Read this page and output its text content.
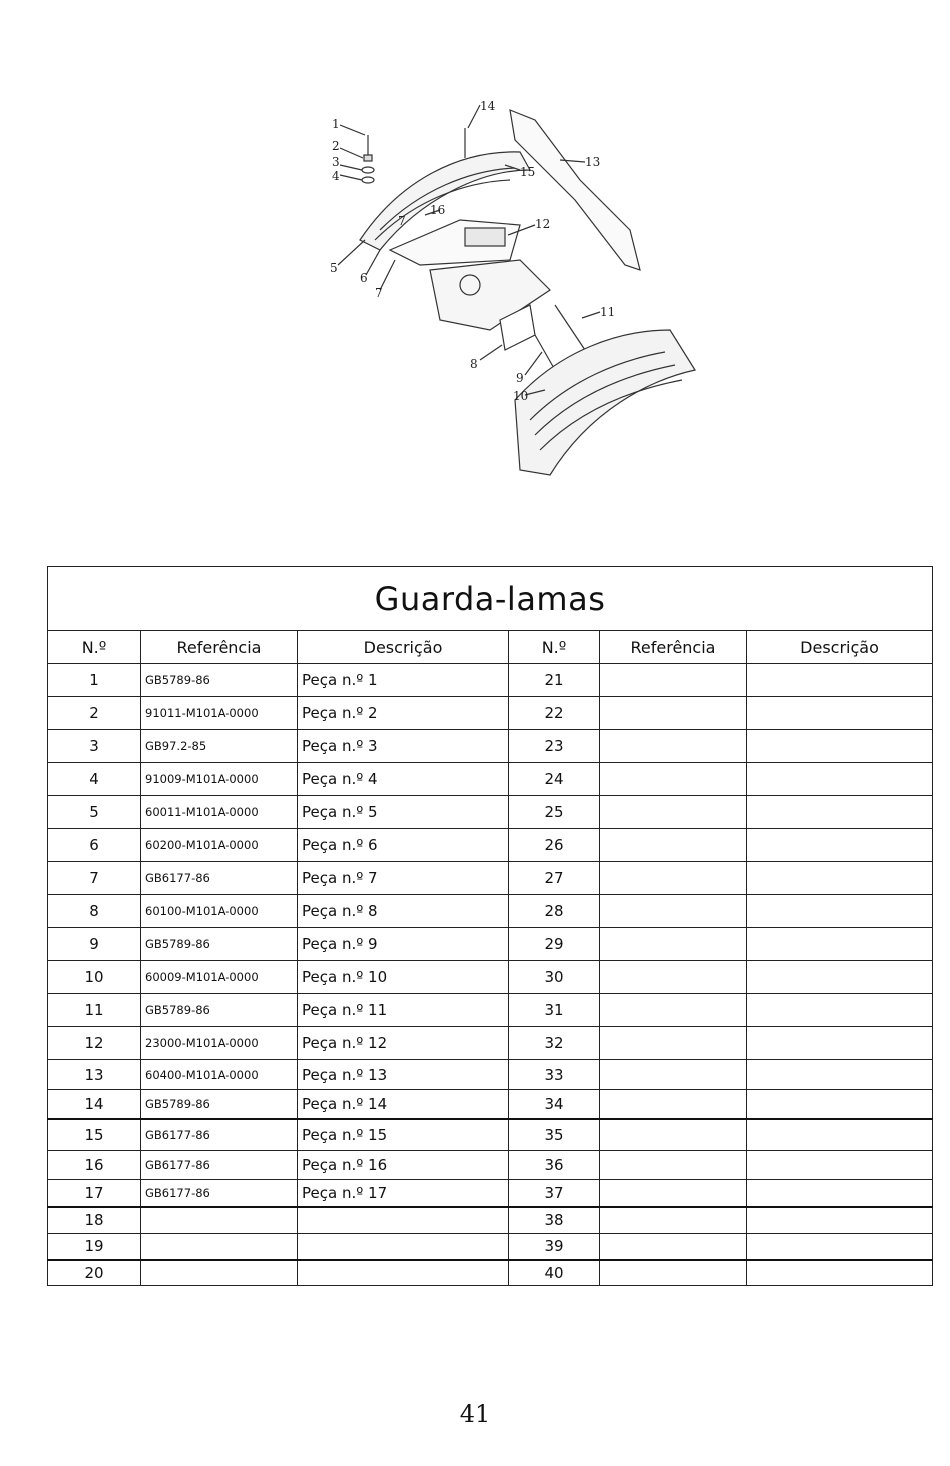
1
2
3
4
5
6
7
7
8
9
10
11
12
13
14
15
16
Guarda-lamas					
N.º	Referência	Descrição	N.º	Referência	Descrição
1	GB5789-86	Peça n.º 1	21		
2	91011-M101A-0000	Peça n.º 2	22		
3	GB97.2-85	Peça n.º 3	23		
4	91009-M101A-0000	Peça n.º 4	24		
5	60011-M101A-0000	Peça n.º 5	25		
6	60200-M101A-0000	Peça n.º 6	26		
7	GB6177-86	Peça n.º 7	27		
8	60100-M101A-0000	Peça n.º 8	28		
9	GB5789-86	Peça n.º 9	29		
10	60009-M101A-0000	Peça n.º 10	30		
11	GB5789-86	Peça n.º 11	31		
12	23000-M101A-0000	Peça n.º 12	32		
13	60400-M101A-0000	Peça n.º 13	33		
14	GB5789-86	Peça n.º 14	34		
15	GB6177-86	Peça n.º 15	35		
16	GB6177-86	Peça n.º 16	36		
17	GB6177-86	Peça n.º 17	37		
18			38		
19			39		
20			40		
41
